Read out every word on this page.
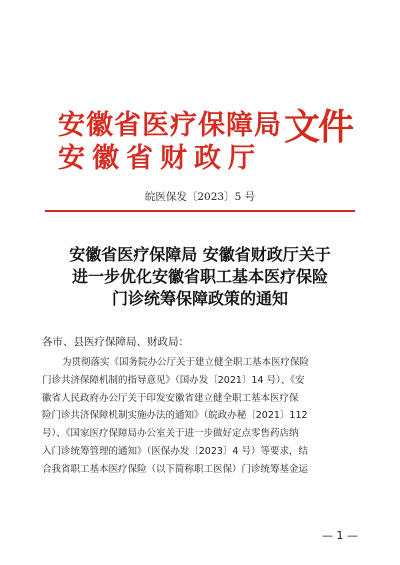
安徽省医疗保障局
安徽省财政厅
文件
皖医保发〔2023〕5 号
安徽省医疗保障局 安徽省财政厅关于
进一步优化安徽省职工基本医疗保险
门诊统筹保障政策的通知
各市、县医疗保障局、财政局：
为贯彻落实《国务院办公厅关于建立健全职工基本医疗保险
门诊共济保障机制的指导意见》（国办发〔2021〕14 号）、《安
徽省人民政府办公厅关于印发安徽省建立健全职工基本医疗保
险门诊共济保障机制实施办法的通知》（皖政办秘〔2021〕112
号）、《国家医疗保障局办公室关于进一步做好定点零售药店纳
入门诊统筹管理的通知》（医保办发〔2023〕4 号）等要求，结
合我省职工基本医疗保险（以下简称职工医保）门诊统筹基金运
— 1 —
